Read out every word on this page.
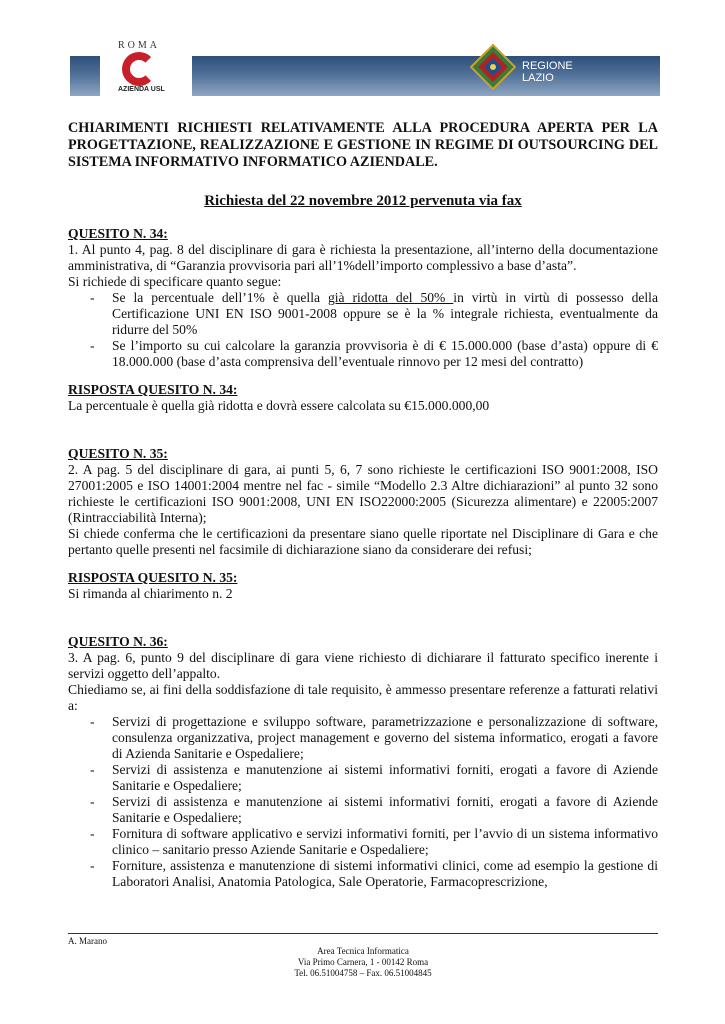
ROMA
AZIENDA USL
REGIONE
LAZIO

CHIARIMENTI RICHIESTI RELATIVAMENTE ALLA PROCEDURA APERTA PER LA PROGETTAZIONE, REALIZZAZIONE E GESTIONE IN REGIME DI OUTSOURCING DEL SISTEMA INFORMATIVO INFORMATICO AZIENDALE.

Richiesta del 22 novembre 2012 pervenuta via fax

QUESITO N. 34:

1. Al punto 4, pag. 8 del disciplinare di gara è richiesta la presentazione, all’interno della documentazione amministrativa, di “Garanzia provvisoria pari all’1%dell’importo complessivo a base d’asta”.

Si richiede di specificare quanto segue:

- Se la percentuale dell’1% è quella già ridotta del 50% in virtù in virtù di possesso della Certificazione UNI EN ISO 9001-2008 oppure se è la % integrale richiesta, eventualmente da ridurre del 50%
- Se l’importo su cui calcolare la garanzia provvisoria è di € 15.000.000 (base d’asta) oppure di € 18.000.000 (base d’asta comprensiva dell’eventuale rinnovo per 12 mesi del contratto)

RISPOSTA QUESITO N. 34:

La percentuale è quella già ridotta e dovrà essere calcolata su €15.000.000,00

QUESITO N. 35:

2. A pag. 5 del disciplinare di gara, ai punti 5, 6, 7 sono richieste le certificazioni ISO 9001:2008, ISO 27001:2005 e ISO 14001:2004 mentre nel fac - simile “Modello 2.3 Altre dichiarazioni” al punto 32 sono richieste le certificazioni ISO 9001:2008, UNI EN ISO22000:2005 (Sicurezza alimentare) e 22005:2007 (Rintracciabilità Interna);

Si chiede conferma che le certificazioni da presentare siano quelle riportate nel Disciplinare di Gara e che pertanto quelle presenti nel facsimile di dichiarazione siano da considerare dei refusi;

RISPOSTA QUESITO N. 35:

Si rimanda al chiarimento n. 2

QUESITO N. 36:

3. A pag. 6, punto 9 del disciplinare di gara viene richiesto di dichiarare il fatturato specifico inerente i servizi oggetto dell’appalto.

Chiediamo se, ai fini della soddisfazione di tale requisito, è ammesso presentare referenze a fatturati relativi a:

- Servizi di progettazione e sviluppo software, parametrizzazione e personalizzazione di software, consulenza organizzativa, project management e governo del sistema informatico, erogati a favore di Azienda Sanitarie e Ospedaliere;
- Servizi di assistenza e manutenzione ai sistemi informativi forniti, erogati a favore di Aziende Sanitarie e Ospedaliere;
- Servizi di assistenza e manutenzione ai sistemi informativi forniti, erogati a favore di Aziende Sanitarie e Ospedaliere;
- Fornitura di software applicativo e servizi informativi forniti, per l’avvio di un sistema informativo clinico – sanitario presso Aziende Sanitarie e Ospedaliere;
- Forniture, assistenza e manutenzione di sistemi informativi clinici, come ad esempio la gestione di Laboratori Analisi, Anatomia Patologica, Sale Operatorie, Farmacoprescrizione,
A. Marano
Area Tecnica Informatica
Via Primo Carnera, 1 - 00142 Roma
Tel. 06.51004758 – Fax. 06.51004845
